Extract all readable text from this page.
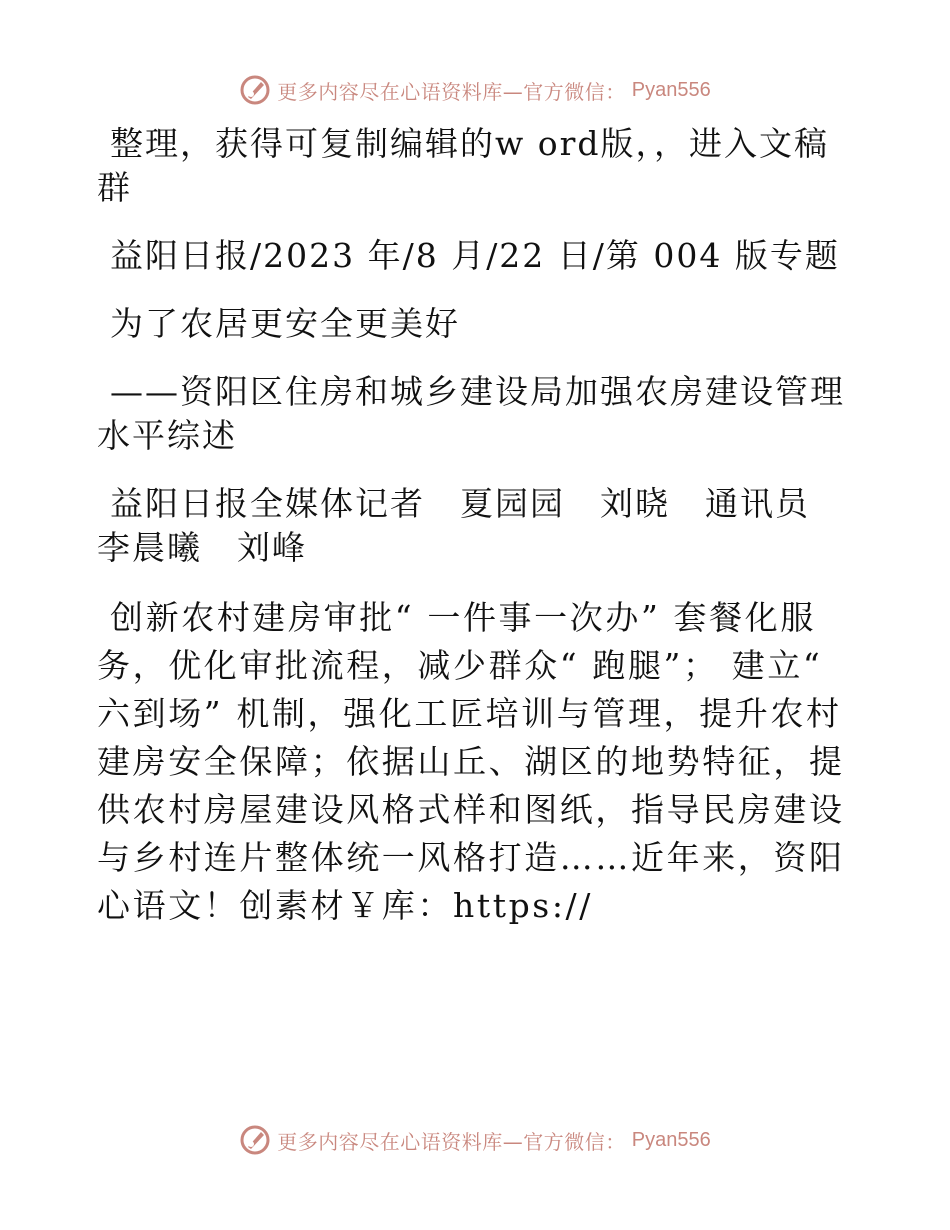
更多内容尽在心语资料库—官方微信： Pyan556

整理，获得可复制编辑的w ord版，，进入文稿群

益阳日报/2023 年/8 月/22 日/第 004 版专题

为了农居更安全更美好

——资阳区住房和城乡建设局加强农房建设管理水平综述

益阳日报全媒体记者　夏园园　刘晓　通讯员　李晨曦　刘峰

创新农村建房审批“ 一件事一次办” 套餐化服务，优化审批流程，减少群众“ 跑腿”； 建立“ 六到场” 机制，强化工匠培训与管理，提升农村建房安全保障；依据山丘、湖区的地势特征，提供农村房屋建设风格式样和图纸，指导民房建设与乡村连片整体统一风格打造……近年来，资阳心语文！创素材￥库：https://

更多内容尽在心语资料库—官方微信： Pyan556
